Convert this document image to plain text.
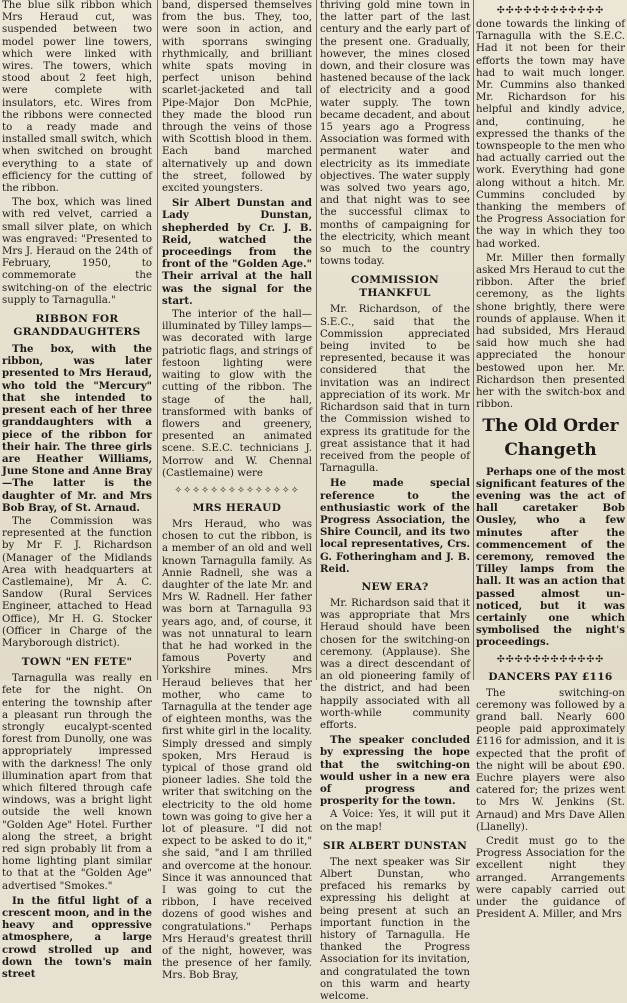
The blue silk ribbon which Mrs Heraud cut, was suspended between two model power line towers, which were linked with wires. The towers, which stood about 2 feet high, were complete with insulators, etc. Wires from the ribbons were connected to a ready made and installed small switch, which when switched on brought everything to a state of efficiency for the cutting of the ribbon.

The box, which was lined with red velvet, carried a small silver plate, on which was engraved: "Presented to Mrs J. Heraud on the 24th of February, 1950, to commemorate the switching-on of the electric supply to Tarnagulla."

RIBBON FOR GRANDDAUGHTERS

The box, with the ribbon, was later presented to Mrs Heraud, who told the "Mercury" that she intended to present each of her three granddaughters with a piece of the ribbon for their hair. The three girls are Heather Williams, June Stone and Anne Bray—The latter is the daughter of Mr. and Mrs Bob Bray, of St. Arnaud.

The Commission was represented at the function by Mr F. J. Richardson (Manager of the Midlands Area with headquarters at Castlemaine), Mr A. C. Sandow (Rural Services Engineer, attached to Head Office), Mr H. G. Stocker (Officer in Charge of the Maryborough district).

TOWN "EN FETE"

Tarnagulla was really en fete for the night. On entering the township after a pleasant run through the strongly eucalypt-scented forest from Dunolly, one was appropriately impressed with the darkness! The only illumination apart from that which filtered through cafe windows, was a bright light outside the well known "Golden Age" Hotel. Further along the street, a bright red sign probably lit from a home lighting plant similar to that at the "Golden Age" advertised "Smokes."

In the fitful light of a crescent moon, and in the heavy and oppressive atmosphere, a large crowd strolled up and down the town's main street

band, dispersed themselves from the bus. They, too, were soon in action, and with sporrans swinging rhythmically, and brilliant white spats moving in perfect unison behind scarlet-jacketed and tall Pipe-Major Don McPhie, they made the blood run through the veins of those with Scottish blood in them. Each band marched alternatively up and down the street, followed by excited youngsters.

Sir Albert Dunstan and Lady Dunstan, shepherded by Cr. J. B. Reid, watched the proceedings from the front of the "Golden Age." Their arrival at the hall was the signal for the start.

The interior of the hall—illuminated by Tilley lamps—was decorated with large patriotic flags, and strings of festoon lighting were waiting to glow with the cutting of the ribbon. The stage of the hall, transformed with banks of flowers and greenery, presented an animated scene. S.E.C. technicians J. Morrow and W. Chennal (Castlemaine) were

✧✧✧✧✧✧✧✧✧✧✧✧✧✧
MRS HERAUD

Mrs Heraud, who was chosen to cut the ribbon, is a member of an old and well known Tarnagulla family. As Annie Radnell, she was a daughter of the late Mr. and Mrs W. Radnell. Her father was born at Tarnagulla 93 years ago, and, of course, it was not unnatural to learn that he had worked in the famous Poverty and Yorkshire mines. Mrs Heraud believes that her mother, who came to Tarnagulla at the tender age of eighteen months, was the first white girl in the locality. Simply dressed and simply spoken, Mrs Heraud is typical of those grand old pioneer ladies. She told the writer that switching on the electricity to the old home town was going to give her a lot of pleasure. "I did not expect to be asked to do it," she said, "and I am thrilled and overcome at the honour. Since it was announced that I was going to cut the ribbon, I have received dozens of good wishes and congratulations." Perhaps Mrs Heraud's greatest thrill of the night, however, was the presence of her family. Mrs. Bob Bray,

thriving gold mine town in the latter part of the last century and the early part of the present one. Gradually, however, the mines closed down, and their closure was hastened because of the lack of electricity and a good water supply. The town became decadent, and about 15 years ago a Progress Association was formed with permanent water and electricity as its immediate objectives. The water supply was solved two years ago, and that night was to see the successful climax to months of campaigning for the electricity, which meant so much to the country towns today.

COMMISSION THANKFUL

Mr. Richardson, of the S.E.C., said that the Commission appreciated being invited to be represented, because it was considered that the invitation was an indirect appreciation of its work. Mr Richardson said that in turn the Commission wished to express its gratitude for the great assistance that it had received from the people of Tarnagulla.

He made special reference to the enthusiastic work of the Progress Association, the Shire Council, and its two local representatives, Crs. G. Fotheringham and J. B. Reid.

NEW ERA?

Mr. Richardson said that it was appropriate that Mrs Heraud should have been chosen for the switching-on ceremony. (Applause). She was a direct descendant of an old pioneering family of the district, and had been happily associated with all worth-while community efforts.

The speaker concluded by expressing the hope that the switching-on would usher in a new era of progress and prosperity for the town.

A Voice: Yes, it will put it on the map!

SIR ALBERT DUNSTAN

The next speaker was Sir Albert Dunstan, who prefaced his remarks by expressing his delight at being present at such an important function in the history of Tarnagulla. He thanked the Progress Association for its invitation, and congratulated the town on this warm and hearty welcome.

✣✣✣✣✣✣✣✣✣✣✣✣

done towards the linking of Tarnagulla with the S.E.C. Had it not been for their efforts the town may have had to wait much longer. Mr. Cummins also thanked Mr. Richardson for his helpful and kindly advice, and, continuing, he expressed the thanks of the townspeople to the men who had actually carried out the work. Everything had gone along without a hitch. Mr. Cummins concluded by thanking the members of the Progress Association for the way in which they too had worked.

Mr. Miller then formally asked Mrs Heraud to cut the ribbon. After the brief ceremony, as the lights shone brightly, there were rounds of applause. When it had subsided, Mrs Heraud said how much she had appreciated the honour bestowed upon her. Mr. Richardson then presented her with the switch-box and ribbon.

The Old Order Changeth

Perhaps one of the most significant features of the evening was the act of hall caretaker Bob Ousley, who a few minutes after the commencement of the ceremony, removed the Tilley lamps from the hall. It was an action that passed almost un-noticed, but it was certainly one which symbolised the night's proceedings.

✣✣✣✣✣✣✣✣✣✣✣✣
DANCERS PAY £116

The switching-on ceremony was followed by a grand ball. Nearly 600 people paid approximately £116 for admission, and it is expected that the profit of the night will be about £90. Euchre players were also catered for; the prizes went to Mrs W. Jenkins (St. Arnaud) and Mrs Dave Allen (Llanelly).

Credit must go to the Progress Association for the excellent night they arranged. Arrangements were capably carried out under the guidance of President A. Miller, and Mrs
